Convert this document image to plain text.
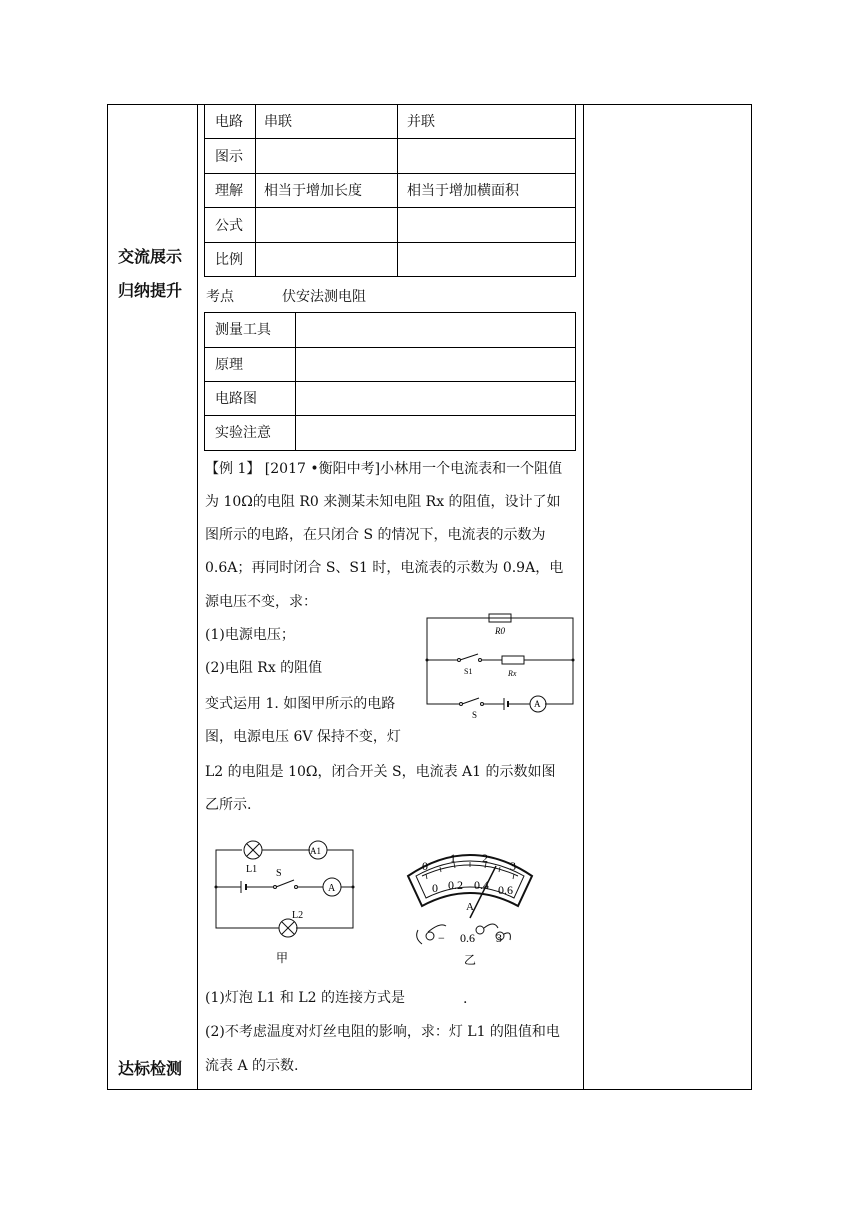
交流展示
归纳提升
达标检测
电路 串联	并联
图示
理解 相当于增加长度	相当于增加横面积
公式
比例
考点	伏安法测电阻
测量工具
原理
电路图
实验注意
【例 1】 [2017 •衡阳中考]小林用一个电流表和一个阻值
为 10Ω的电阻 R0 来测某未知电阻 Rx 的阻值，设计了如
图所示的电路，在只闭合 S 的情况下，电流表的示数为
0.6A；再同时闭合 S、S1 时，电流表的示数为 0.9A，电
源电压不变，求：
(1)电源电压；
(2)电阻 Rx 的阻值
变式运用 1. 如图甲所示的电路
图，电源电压 6V 保持不变，灯
L2 的电阻是 10Ω，闭合开关 S，电流表 A1 的示数如图
乙所示.
R0
Rx
S1
S
A
L1
L2
S
A1
A
甲
0
1 2
3
0 0.2 0.4 0.6
A
− 0.6 3
乙
(1)灯泡 L1 和 L2 的连接方式是	.
(2)不考虑温度对灯丝电阻的影响，求：灯 L1 的阻值和电
流表 A 的示数.
